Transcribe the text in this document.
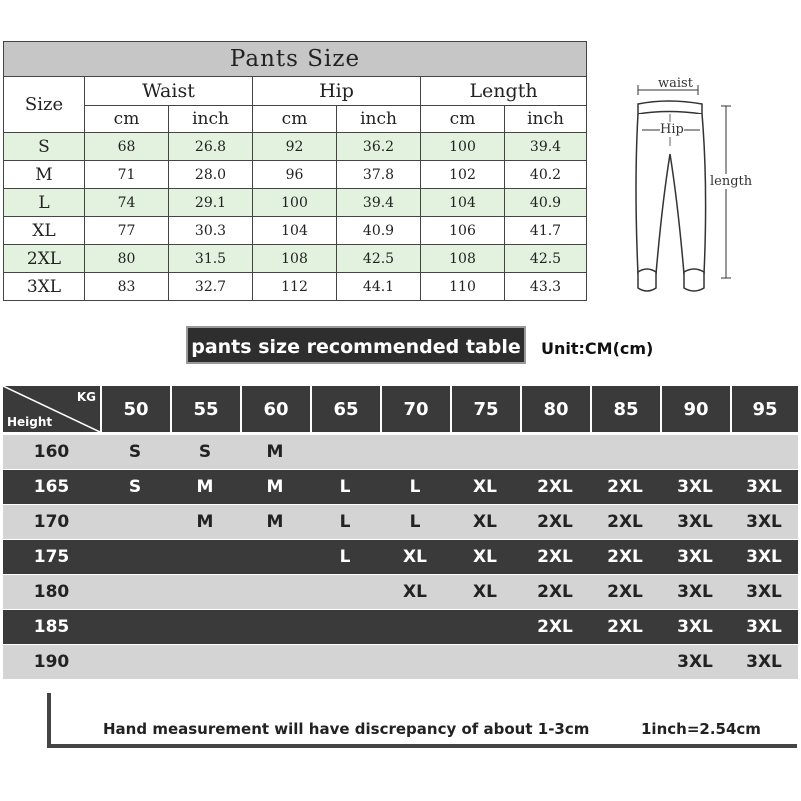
Pants Size						
Size	Waist		Hip		Length	
	cm	inch	cm	inch	cm	inch
S	68	26.8	92	36.2	100	39.4
M	71	28.0	96	37.8	102	40.2
L	74	29.1	100	39.4	104	40.9
XL	77	30.3	104	40.9	106	41.7
2XL	80	31.5	108	42.5	108	42.5
3XL	83	32.7	112	44.1	110	43.3
waist
Hip
length
pants size recommended table	Unit:CM(cm)
KG
Height	50	55	60	65	70	75	80	85	90	95
160	S	S	M							
165	S	M	M	L	L	XL	2XL	2XL	3XL	3XL
170		M	M	L	L	XL	2XL	2XL	3XL	3XL
175				L	XL	XL	2XL	2XL	3XL	3XL
180					XL	XL	2XL	2XL	3XL	3XL
185							2XL	2XL	3XL	3XL
190									3XL	3XL
Hand measurement will have discrepancy of about 1-3cm	1inch=2.54cm
